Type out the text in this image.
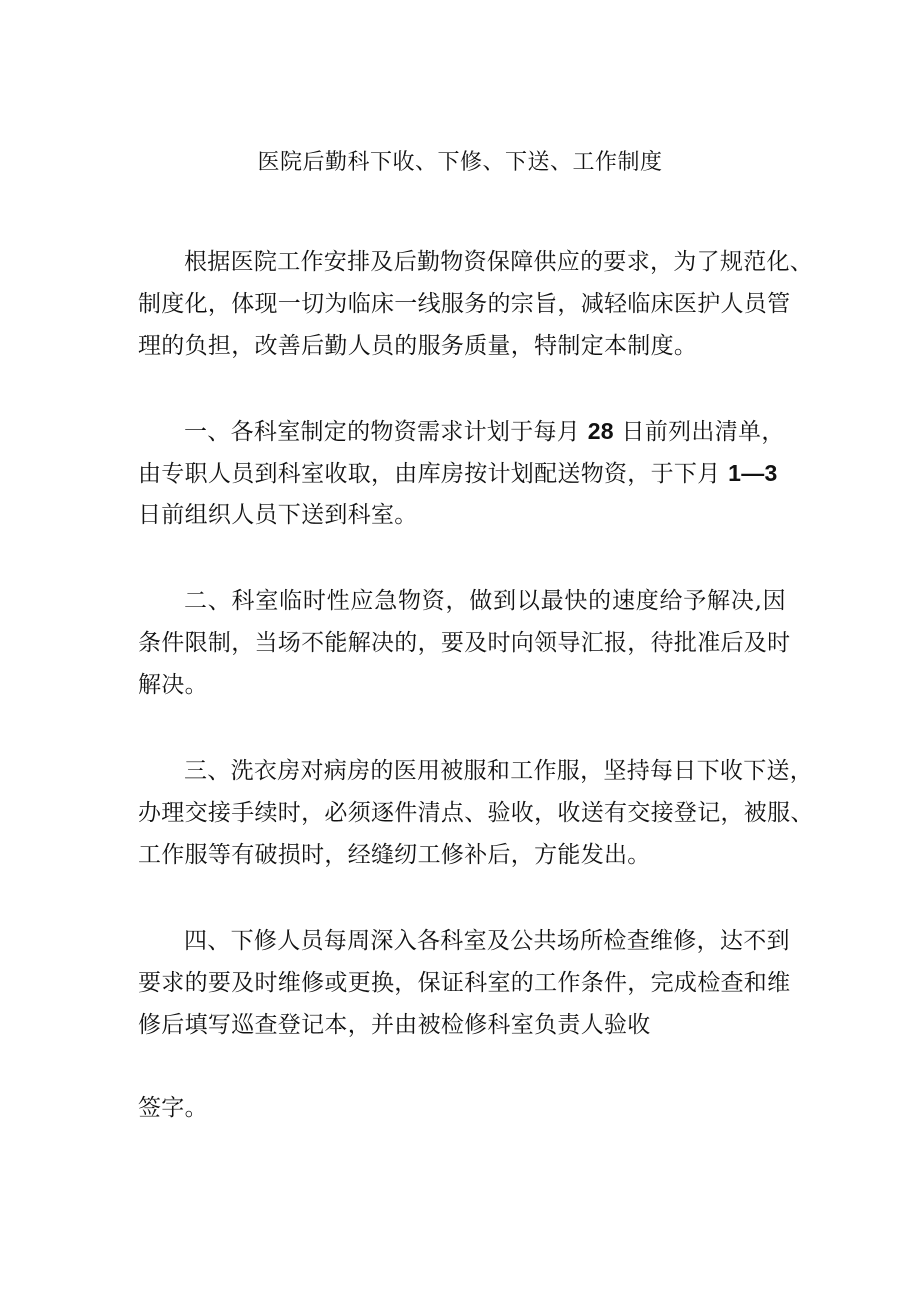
医院后勤科下收、下修、下送、工作制度
根据医院工作安排及后勤物资保障供应的要求，为了规范化、
制度化，体现一切为临床一线服务的宗旨，减轻临床医护人员管
理的负担，改善后勤人员的服务质量，特制定本制度。
一、各科室制定的物资需求计划于每月 28 日前列出清单，
由专职人员到科室收取，由库房按计划配送物资，于下月 1—3
日前组织人员下送到科室。
二、科室临时性应急物资，做到以最快的速度给予解决,因
条件限制，当场不能解决的，要及时向领导汇报，待批准后及时
解决。
三、洗衣房对病房的医用被服和工作服，坚持每日下收下送，
办理交接手续时，必须逐件清点、验收，收送有交接登记，被服、
工作服等有破损时，经缝纫工修补后，方能发出。
四、下修人员每周深入各科室及公共场所检查维修，达不到
要求的要及时维修或更换，保证科室的工作条件，完成检查和维
修后填写巡查登记本，并由被检修科室负责人验收
签字。
